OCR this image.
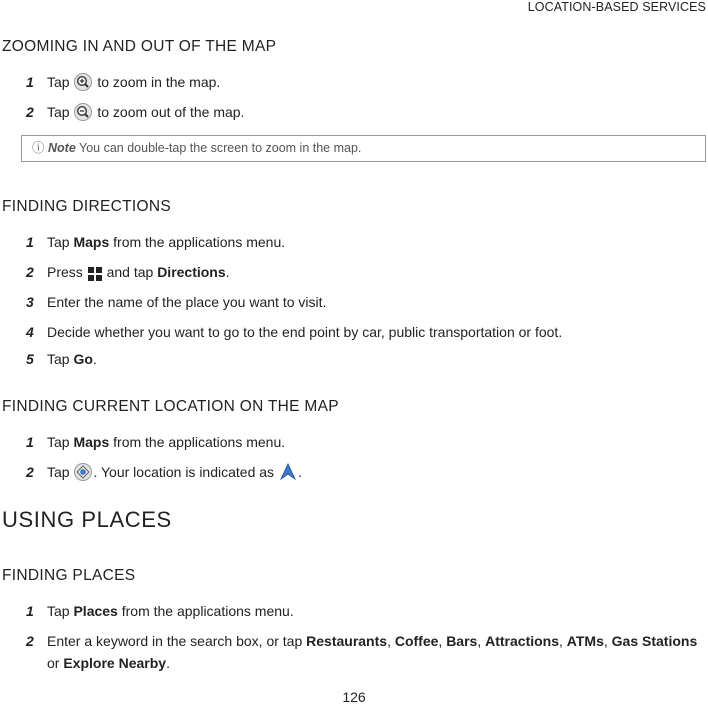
LOCATION-BASED SERVICES
ZOOMING IN AND OUT OF THE MAP
1 Tap  to zoom in the map.
2 Tap  to zoom out of the map.
ⓘ Note You can double-tap the screen to zoom in the map.
FINDING DIRECTIONS
1 Tap Maps from the applications menu.
2 Press  and tap Directions.
3 Enter the name of the place you want to visit.
4 Decide whether you want to go to the end point by car, public transportation or foot.
5 Tap Go.
FINDING CURRENT LOCATION ON THE MAP
1 Tap Maps from the applications menu.
2 Tap . Your location is indicated as .
USING PLACES
FINDING PLACES
1 Tap Places from the applications menu.
2 Enter a keyword in the search box, or tap Restaurants, Coffee, Bars, Attractions, ATMs, Gas Stations
or Explore Nearby.
126
